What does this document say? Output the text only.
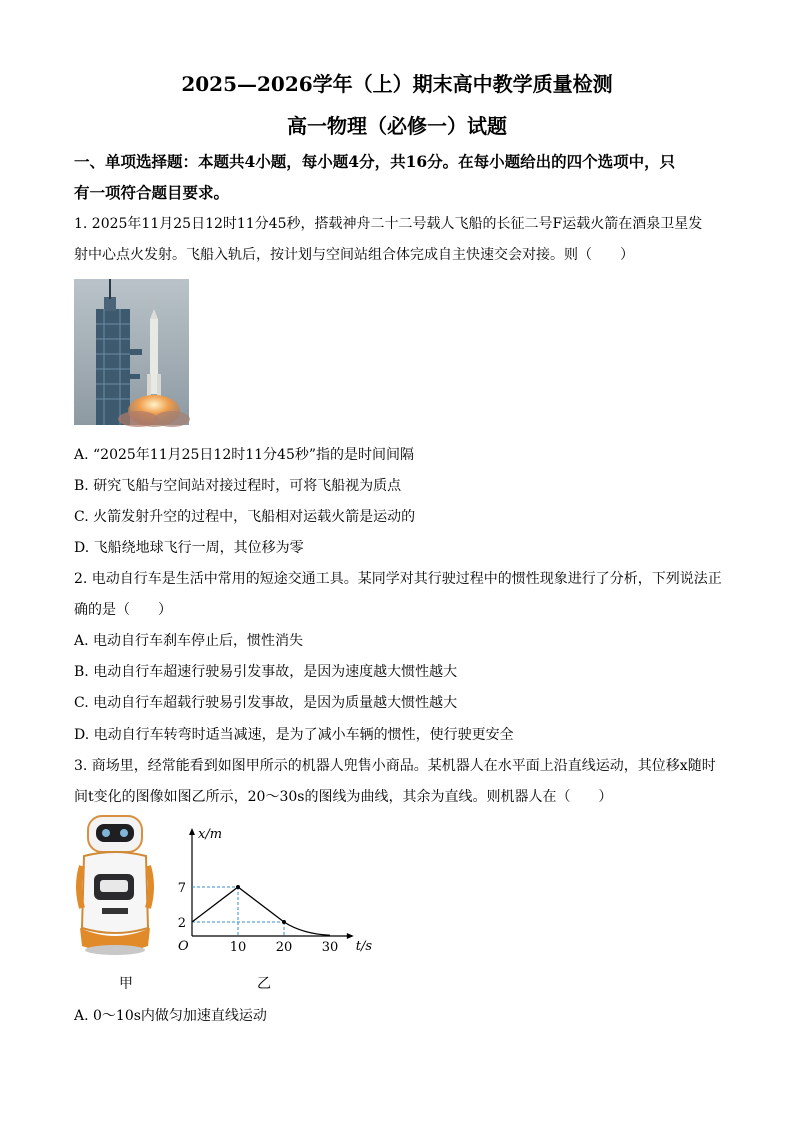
2025—2026学年（上）期末高中教学质量检测
高一物理（必修一）试题
一、单项选择题：本题共4小题，每小题4分，共16分。在每小题给出的四个选项中，只
有一项符合题目要求。
1. 2025年11月25日12时11分45秒，搭载神舟二十二号载人飞船的长征二号F运载火箭在酒泉卫星发
射中心点火发射。飞船入轨后，按计划与空间站组合体完成自主快速交会对接。则（　　）
A. “2025年11月25日12时11分45秒”指的是时间间隔
B. 研究飞船与空间站对接过程时，可将飞船视为质点
C. 火箭发射升空的过程中，飞船相对运载火箭是运动的
D. 飞船绕地球飞行一周，其位移为零
2. 电动自行车是生活中常用的短途交通工具。某同学对其行驶过程中的惯性现象进行了分析，下列说法正
确的是（　　）
A. 电动自行车刹车停止后，惯性消失
B. 电动自行车超速行驶易引发事故，是因为速度越大惯性越大
C. 电动自行车超载行驶易引发事故，是因为质量越大惯性越大
D. 电动自行车转弯时适当减速，是为了减小车辆的惯性，使行驶更安全
3. 商场里，经常能看到如图甲所示的机器人兜售小商品。某机器人在水平面上沿直线运动，其位移x随时
间t变化的图像如图乙所示，20～30s的图线为曲线，其余为直线。则机器人在（　　）
x/m
t/s
O	10 20 30
2
7
甲	乙
A. 0～10s内做匀加速直线运动
